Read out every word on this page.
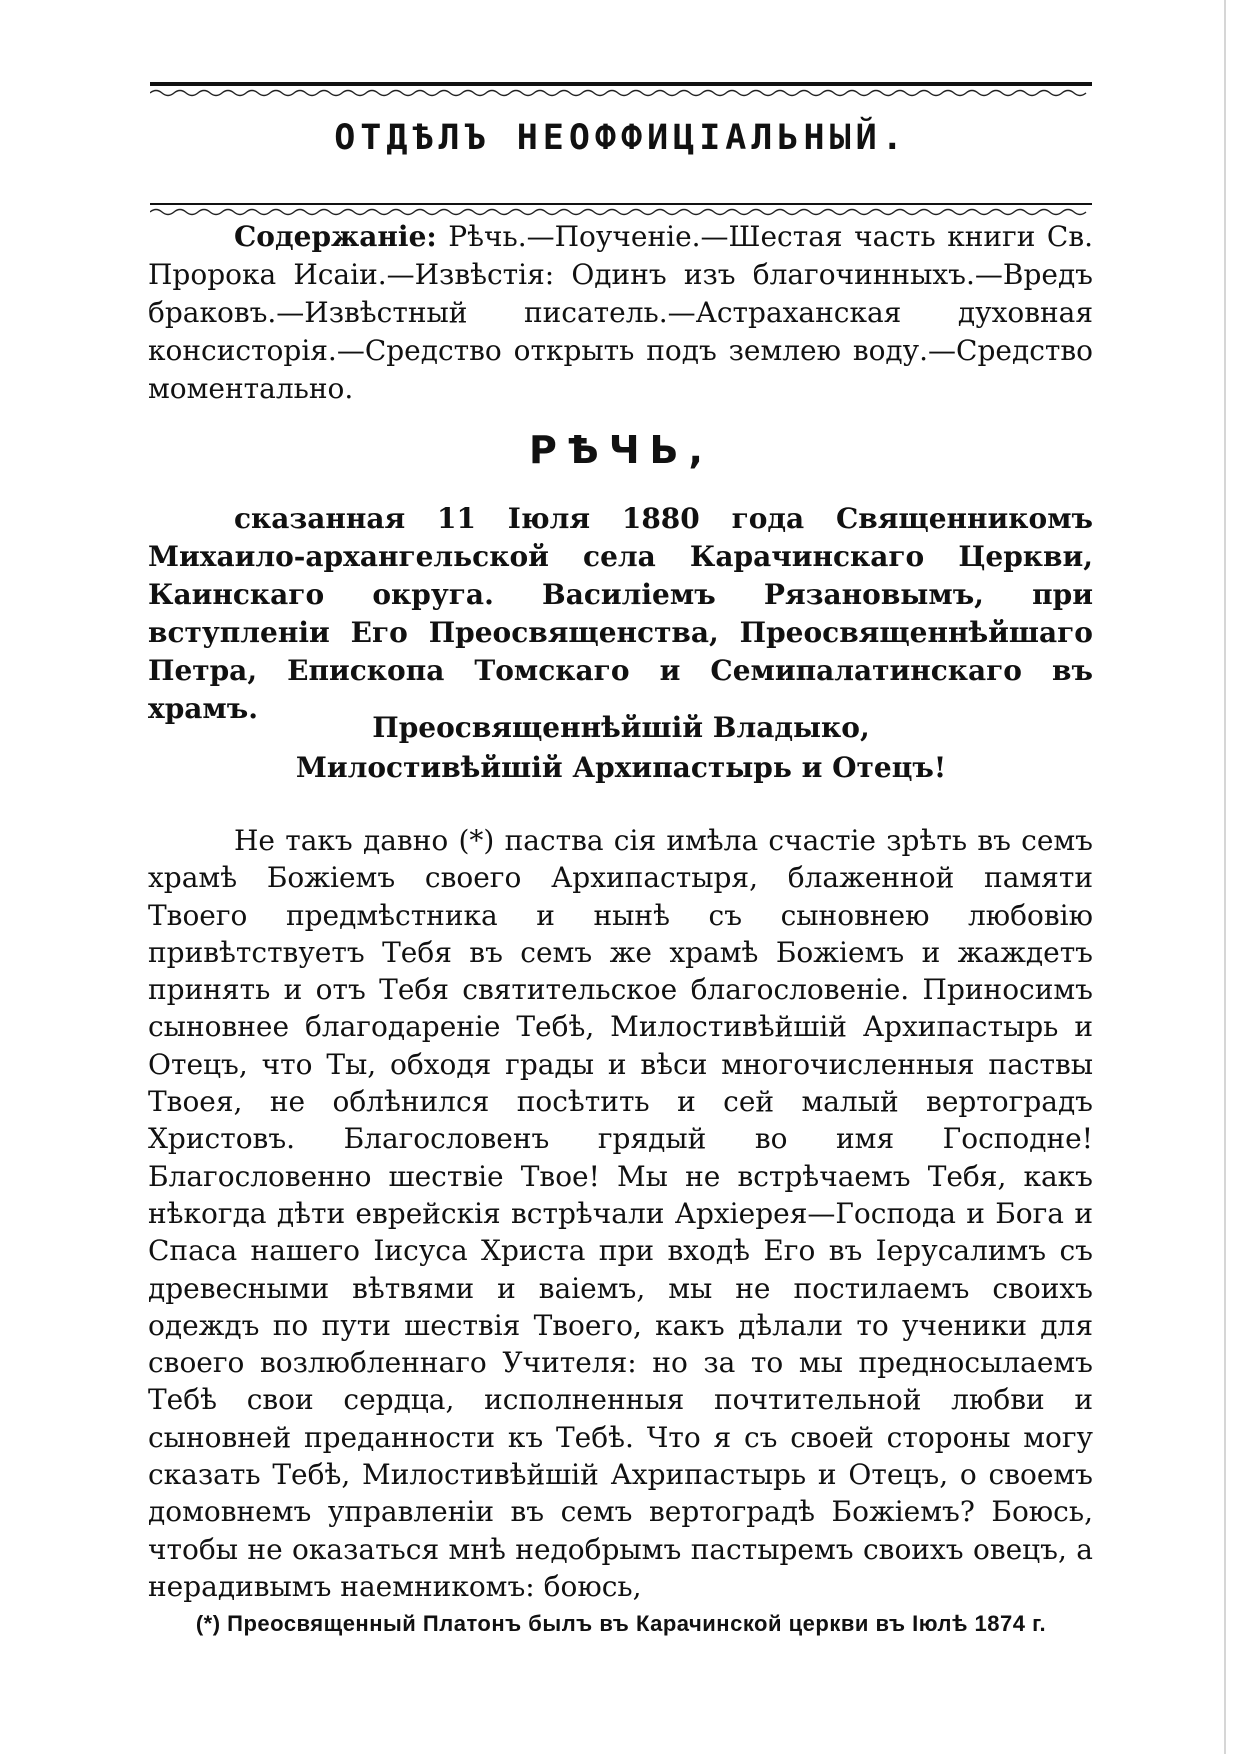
ОТДѢЛЪ НЕОФФИЦІАЛЬНЫЙ.

Содержаніе: Рѣчь.—Поученіе.—Шестая часть книги Св. Пророка Исаіи.—Извѣстія: Одинъ изъ благочинныхъ.—Вредъ браковъ.—Извѣстный писатель.—Астраханская духовная консисторія.—Средство открыть подъ землею воду.—Средство моментально.

РѢЧЬ,

сказанная 11 Іюля 1880 года Священникомъ Михаило-архангельской села Карачинскаго Церкви, Каинскаго округа. Василіемъ Рязановымъ, при вступленіи Его Преосвященства, Преосвященнѣйшаго Петра, Епископа Томскаго и Семипалатинскаго въ храмъ.

Преосвященнѣйшій Владыко,
Милостивѣйшій Архипастырь и Отецъ!

Не такъ давно (*) паства сія имѣла счастіе зрѣть въ семъ храмѣ Божіемъ своего Архипастыря, блаженной памяти Твоего предмѣстника и нынѣ съ сыновнею любовію привѣтствуетъ Тебя въ семъ же храмѣ Божіемъ и жаждетъ принять и отъ Тебя святительское благословеніе. Приносимъ сыновнее благодареніе Тебѣ, Милостивѣйшій Архипастырь и Отецъ, что Ты, обходя грады и вѣси многочисленныя паствы Твоея, не облѣнился посѣтить и сей малый вертоградъ Христовъ. Благословенъ грядый во имя Господне! Благословенно шествіе Твое! Мы не встрѣчаемъ Тебя, какъ нѣкогда дѣти еврейскія встрѣчали Архіерея—Господа и Бога и Спаса нашего Іисуса Христа при входѣ Его въ Іерусалимъ съ древесными вѣтвями и ваіемъ, мы не постилаемъ своихъ одеждъ по пути шествія Твоего, какъ дѣлали то ученики для своего возлюбленнаго Учителя: но за то мы предносылаемъ Тебѣ свои сердца, исполненныя почтительной любви и сыновней преданности къ Тебѣ. Что я съ своей стороны могу сказать Тебѣ, Милостивѣйшій Ахрипастырь и Отецъ, о своемъ домовнемъ управленіи въ семъ вертоградѣ Божіемъ? Боюсь, чтобы не оказаться мнѣ недобрымъ пастыремъ своихъ овецъ, а нерадивымъ наемникомъ: боюсь,

(*) Преосвященный Платонъ былъ въ Карачинской церкви въ Іюлѣ 1874 г.
